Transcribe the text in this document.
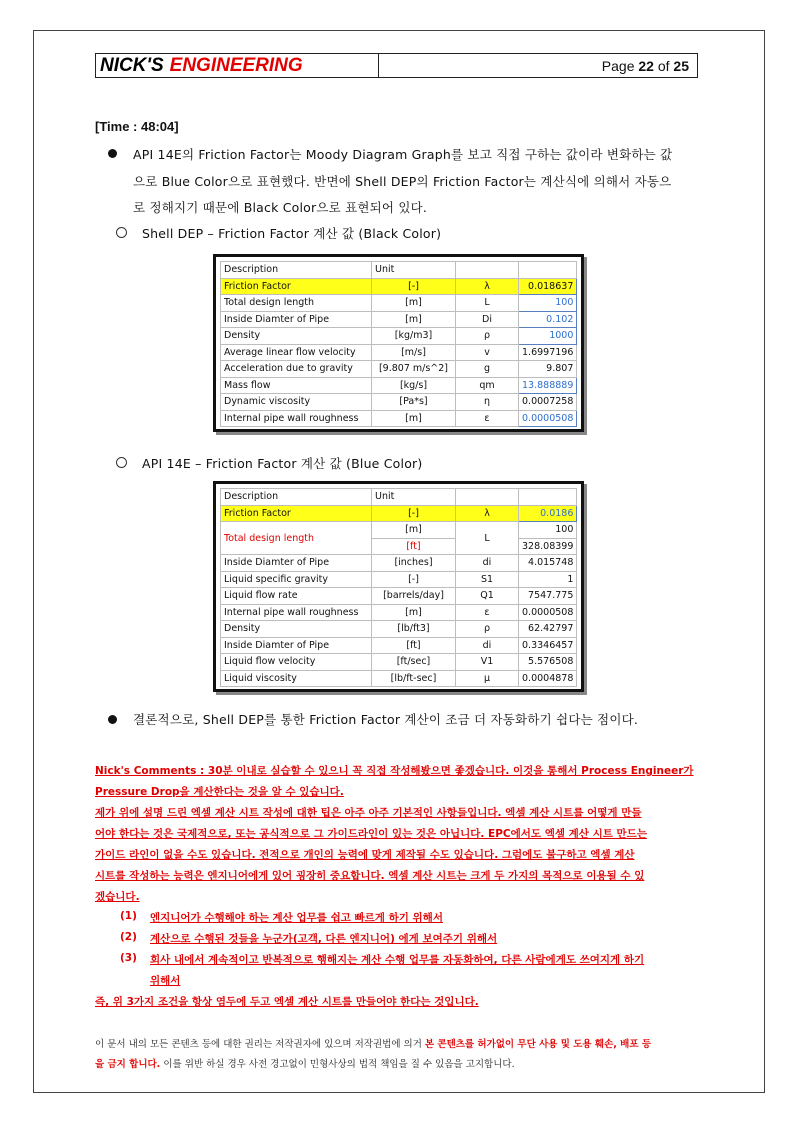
NICK'S ENGINEERING	Page 22 of 25
[Time : 48:04]
API 14E의 Friction Factor는 Moody Diagram Graph를 보고 직접 구하는 값이라 변화하는 값
으로 Blue Color으로 표현했다. 반면에 Shell DEP의 Friction Factor는 계산식에 의해서 자동으
로 정해지기 때문에 Black Color으로 표현되어 있다.
Shell DEP – Friction Factor 계산 값 (Black Color)
Description	Unit		
Friction Factor	[-]	λ	0.018637
Total design length	[m]	L	100
Inside Diamter of Pipe	[m]	Di	0.102
Density	[kg/m3]	ρ	1000
Average linear flow velocity	[m/s]	v	1.6997196
Acceleration due to gravity	[9.807 m/s^2]	g	9.807
Mass flow	[kg/s]	qm	13.888889
Dynamic viscosity	[Pa*s]	η	0.0007258
Internal pipe wall roughness	[m]	ε	0.0000508
API 14E – Friction Factor 계산 값 (Blue Color)
Description	Unit		
Friction Factor	[-]	λ	0.0186
Total design length	[m]	L	100
	[ft]		328.08399
Inside Diamter of Pipe	[inches]	di	4.015748
Liquid specific gravity	[-]	S1	1
Liquid flow rate	[barrels/day]	Q1	7547.775
Internal pipe wall roughness	[m]	ε	0.0000508
Density	[lb/ft3]	ρ	62.42797
Inside Diamter of Pipe	[ft]	di	0.3346457
Liquid flow velocity	[ft/sec]	V1	5.576508
Liquid viscosity	[lb/ft-sec]	μ	0.0004878
결론적으로, Shell DEP를 통한 Friction Factor 계산이 조금 더 자동화하기 쉽다는 점이다.
Nick's Comments : 30분 이내로 실습할 수 있으니 꼭 직접 작성해봤으면 좋겠습니다. 이것을 통해서 Process Engineer가
Pressure Drop을 계산한다는 것을 알 수 있습니다.
제가 위에 설명 드린 엑셀 계산 시트 작성에 대한 팁은 아주 아주 기본적인 사항들입니다. 엑셀 계산 시트를 어떻게 만들
어야 한다는 것은 국제적으로, 또는 공식적으로 그 가이드라인이 있는 것은 아닙니다. EPC에서도 엑셀 계산 시트 만드는
가이드 라인이 없을 수도 있습니다. 전적으로 개인의 능력에 맞게 제작될 수도 있습니다. 그럼에도 불구하고 엑셀 계산
시트를 작성하는 능력은 엔지니어에게 있어 굉장히 중요합니다. 엑셀 계산 시트는 크게 두 가지의 목적으로 이용될 수 있
겠습니다.
(1) 엔지니어가 수행해야 하는 계산 업무를 쉽고 빠르게 하기 위해서
(2) 계산으로 수행된 것들을 누군가(고객, 다른 엔지니어) 에게 보여주기 위해서
(3) 회사 내에서 계속적이고 반복적으로 행해지는 계산 수행 업무를 자동화하여, 다른 사람에게도 쓰여지게 하기
위해서
즉, 위 3가지 조건을 항상 염두에 두고 엑셀 계산 시트를 만들어야 한다는 것입니다.
이 문서 내의 모든 콘텐츠 등에 대한 권리는 저작권자에 있으며 저작권법에 의거 본 콘텐츠를 허가없이 무단 사용 및 도용 훼손, 배포 등
을 금지 합니다. 이를 위반 하실 경우 사전 경고없이 민형사상의 법적 책임을 질 수 있음을 고지합니다.
